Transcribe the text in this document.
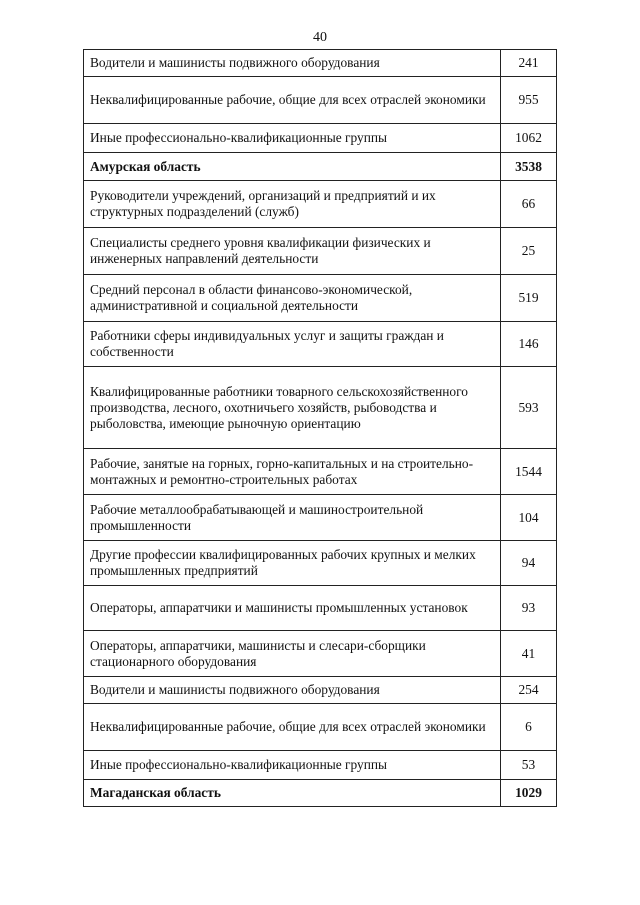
40
Водители и машинисты подвижного оборудования	241
Неквалифицированные рабочие, общие для всех отраслей экономики	955
Иные профессионально-квалификационные группы	1062
Амурская область	3538
Руководители учреждений, организаций и предприятий и их структурных подразделений (служб)	66
Специалисты среднего уровня квалификации физических и инженерных направлений деятельности	25
Средний персонал в области финансово-экономической, административной и социальной деятельности	519
Работники сферы индивидуальных услуг и защиты граждан и собственности	146
Квалифицированные работники товарного сельскохозяйственного производства, лесного, охотничьего хозяйств, рыбоводства и рыболовства, имеющие рыночную ориентацию	593
Рабочие, занятые на горных, горно-капитальных и на строительно-монтажных и ремонтно-строительных работах	1544
Рабочие металлообрабатывающей и машиностроительной промышленности	104
Другие профессии квалифицированных рабочих крупных и мелких промышленных предприятий	94
Операторы, аппаратчики и машинисты промышленных установок	93
Операторы, аппаратчики, машинисты и слесари-сборщики стационарного оборудования	41
Водители и машинисты подвижного оборудования	254
Неквалифицированные рабочие, общие для всех отраслей экономики	6
Иные профессионально-квалификационные группы	53
Магаданская область	1029
